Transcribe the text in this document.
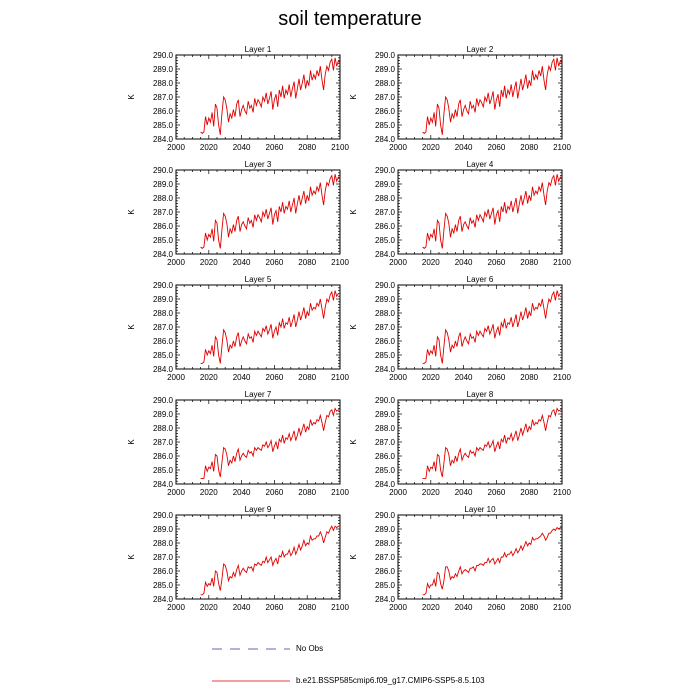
soil temperature
Layer 1
K
284.0
285.0
286.0
287.0
288.0
289.0
290.0
2000 2020 2040 2060 2080 2100
Layer 2
K
284.0
285.0
286.0
287.0
288.0
289.0
290.0
2000 2020 2040 2060 2080 2100
Layer 3
K
284.0
285.0
286.0
287.0
288.0
289.0
290.0
2000 2020 2040 2060 2080 2100
Layer 4
K
284.0
285.0
286.0
287.0
288.0
289.0
290.0
2000 2020 2040 2060 2080 2100
Layer 5
K
284.0
285.0
286.0
287.0
288.0
289.0
290.0
2000 2020 2040 2060 2080 2100
Layer 6
K
284.0
285.0
286.0
287.0
288.0
289.0
290.0
2000 2020 2040 2060 2080 2100
Layer 7
K
284.0
285.0
286.0
287.0
288.0
289.0
290.0
2000 2020 2040 2060 2080 2100
Layer 8
K
284.0
285.0
286.0
287.0
288.0
289.0
290.0
2000 2020 2040 2060 2080 2100
Layer 9
K
284.0
285.0
286.0
287.0
288.0
289.0
290.0
2000 2020 2040 2060 2080 2100
Layer 10
K
284.0
285.0
286.0
287.0
288.0
289.0
290.0
2000 2020 2040 2060 2080 2100
No Obs
b.e21.BSSP585cmip6.f09_g17.CMIP6-SSP5-8.5.103
